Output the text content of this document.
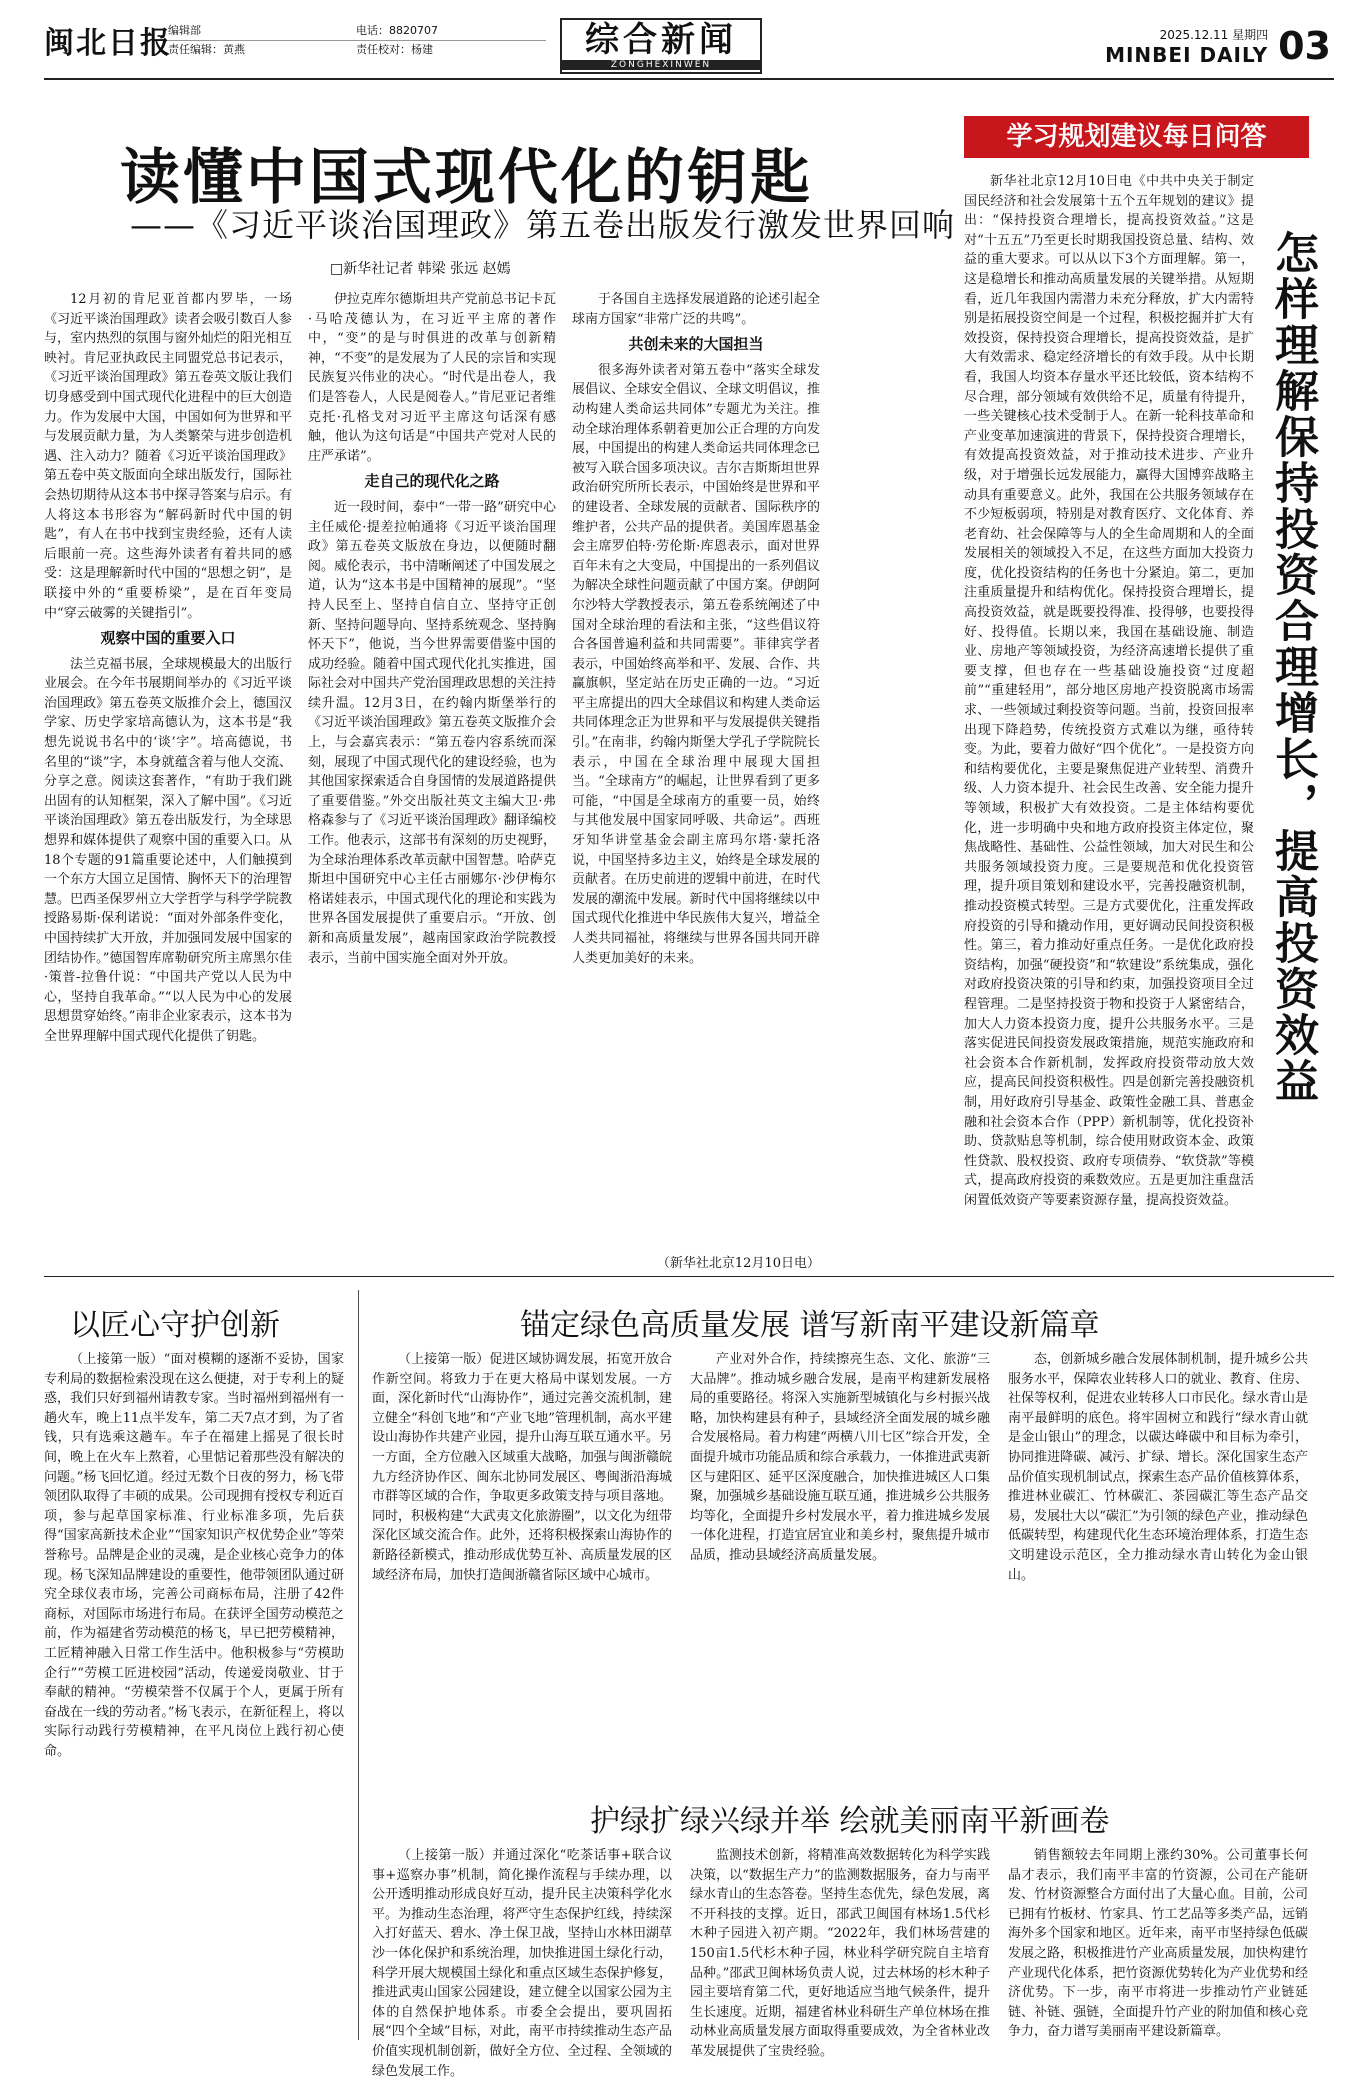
闽北日报
编辑部
责任编辑：黄燕
电话：8820707
责任校对：杨建	综合新闻
ZONGHEXINWEN
2025.12.11 星期四
MINBEI DAILY 03
读懂中国式现代化的钥匙
——《习近平谈治国理政》第五卷出版发行激发世界回响
□新华社记者 韩梁 张远 赵嫣

12月初的肯尼亚首都内罗毕，一场《习近平谈治国理政》读者会吸引数百人参与，室内热烈的氛围与窗外灿烂的阳光相互映衬。肯尼亚执政民主同盟党总书记表示，《习近平谈治国理政》第五卷英文版让我们切身感受到中国式现代化进程中的巨大创造力。作为发展中大国，中国如何为世界和平与发展贡献力量，为人类繁荣与进步创造机遇、注入动力？随着《习近平谈治国理政》第五卷中英文版面向全球出版发行，国际社会热切期待从这本书中探寻答案与启示。有人将这本书形容为“解码新时代中国的钥匙”，有人在书中找到宝贵经验，还有人读后眼前一亮。这些海外读者有着共同的感受：这是理解新时代中国的“思想之钥”，是联接中外的“重要桥梁”，是在百年变局中“穿云破雾的关键指引”。

观察中国的重要入口

法兰克福书展，全球规模最大的出版行业展会。在今年书展期间举办的《习近平谈治国理政》第五卷英文版推介会上，德国汉学家、历史学家培高德认为，这本书是“我想先说说书名中的‘谈’字”。培高德说，书名里的“谈”字，本身就蕴含着与他人交流、分享之意。阅读这套著作，“有助于我们跳出固有的认知框架，深入了解中国”。《习近平谈治国理政》第五卷出版发行，为全球思想界和媒体提供了观察中国的重要入口。从18个专题的91篇重要论述中，人们触摸到一个东方大国立足国情、胸怀天下的治理智慧。巴西圣保罗州立大学哲学与科学学院教授路易斯·保利诺说：“面对外部条件变化，中国持续扩大开放，并加强同发展中国家的团结协作。”德国智库席勒研究所主席黑尔佳·策普-拉鲁什说：“中国共产党以人民为中心，坚持自我革命。”“以人民为中心的发展思想贯穿始终。”南非企业家表示，这本书为全世界理解中国式现代化提供了钥匙。

伊拉克库尔德斯坦共产党前总书记卡瓦·马哈茂德认为，在习近平主席的著作中，“变”的是与时俱进的改革与创新精神，“不变”的是发展为了人民的宗旨和实现民族复兴伟业的决心。“时代是出卷人，我们是答卷人，人民是阅卷人。”肯尼亚记者维克托·孔格戈对习近平主席这句话深有感触，他认为这句话是“中国共产党对人民的庄严承诺”。

走自己的现代化之路

近一段时间，泰中“一带一路”研究中心主任威伦·提差拉帕通将《习近平谈治国理政》第五卷英文版放在身边，以便随时翻阅。威伦表示，书中清晰阐述了中国发展之道，认为“这本书是中国精神的展现”。“坚持人民至上、坚持自信自立、坚持守正创新、坚持问题导向、坚持系统观念、坚持胸怀天下”，他说，当今世界需要借鉴中国的成功经验。随着中国式现代化扎实推进，国际社会对中国共产党治国理政思想的关注持续升温。12月3日，在约翰内斯堡举行的《习近平谈治国理政》第五卷英文版推介会上，与会嘉宾表示：“第五卷内容系统而深刻，展现了中国式现代化的建设经验，也为其他国家探索适合自身国情的发展道路提供了重要借鉴。”外交出版社英文主编大卫·弗格森参与了《习近平谈治国理政》翻译编校工作。他表示，这部书有深刻的历史视野，为全球治理体系改革贡献中国智慧。哈萨克斯坦中国研究中心主任古丽娜尔·沙伊梅尔格诺娃表示，中国式现代化的理论和实践为世界各国发展提供了重要启示。“开放、创新和高质量发展”，越南国家政治学院教授表示，当前中国实施全面对外开放。

于各国自主选择发展道路的论述引起全球南方国家“非常广泛的共鸣”。

共创未来的大国担当

很多海外读者对第五卷中“落实全球发展倡议、全球安全倡议、全球文明倡议，推动构建人类命运共同体”专题尤为关注。推动全球治理体系朝着更加公正合理的方向发展，中国提出的构建人类命运共同体理念已被写入联合国多项决议。吉尔吉斯斯坦世界政治研究所所长表示，中国始终是世界和平的建设者、全球发展的贡献者、国际秩序的维护者，公共产品的提供者。美国库恩基金会主席罗伯特·劳伦斯·库恩表示，面对世界百年未有之大变局，中国提出的一系列倡议为解决全球性问题贡献了中国方案。伊朗阿尔沙特大学教授表示，第五卷系统阐述了中国对全球治理的看法和主张，“这些倡议符合各国普遍利益和共同需要”。菲律宾学者表示，中国始终高举和平、发展、合作、共赢旗帜，坚定站在历史正确的一边。“习近平主席提出的四大全球倡议和构建人类命运共同体理念正为世界和平与发展提供关键指引。”在南非，约翰内斯堡大学孔子学院院长表示，中国在全球治理中展现大国担当。“全球南方”的崛起，让世界看到了更多可能，“中国是全球南方的重要一员，始终与其他发展中国家同呼吸、共命运”。西班牙知华讲堂基金会副主席玛尔塔·蒙托洛说，中国坚持多边主义，始终是全球发展的贡献者。在历史前进的逻辑中前进，在时代发展的潮流中发展。新时代中国将继续以中国式现代化推进中华民族伟大复兴，增益全人类共同福祉，将继续与世界各国共同开辟人类更加美好的未来。

（新华社北京12月10日电）
学习规划建议每日问答

新华社北京12月10日电《中共中央关于制定国民经济和社会发展第十五个五年规划的建议》提出：“保持投资合理增长，提高投资效益。”这是对“十五五”乃至更长时期我国投资总量、结构、效益的重大要求。可以从以下3个方面理解。第一，这是稳增长和推动高质量发展的关键举措。从短期看，近几年我国内需潜力未充分释放，扩大内需特别是拓展投资空间是一个过程，积极挖掘并扩大有效投资，保持投资合理增长，提高投资效益，是扩大有效需求、稳定经济增长的有效手段。从中长期看，我国人均资本存量水平还比较低，资本结构不尽合理，部分领域有效供给不足，质量有待提升，一些关键核心技术受制于人。在新一轮科技革命和产业变革加速演进的背景下，保持投资合理增长，有效提高投资效益，对于推动技术进步、产业升级，对于增强长远发展能力，赢得大国博弈战略主动具有重要意义。此外，我国在公共服务领域存在不少短板弱项，特别是对教育医疗、文化体育、养老育幼、社会保障等与人的全生命周期和人的全面发展相关的领域投入不足，在这些方面加大投资力度，优化投资结构的任务也十分紧迫。第二，更加注重质量提升和结构优化。保持投资合理增长，提高投资效益，就是既要投得准、投得够，也要投得好、投得值。长期以来，我国在基础设施、制造业、房地产等领域投资，为经济高速增长提供了重要支撑，但也存在一些基础设施投资“过度超前”“重建轻用”，部分地区房地产投资脱离市场需求、一些领域过剩投资等问题。当前，投资回报率出现下降趋势，传统投资方式难以为继，亟待转变。为此，要着力做好“四个优化”。一是投资方向和结构要优化，主要是聚焦促进产业转型、消费升级、人力资本提升、社会民生改善、安全能力提升等领域，积极扩大有效投资。二是主体结构要优化，进一步明确中央和地方政府投资主体定位，聚焦战略性、基础性、公益性领域，加大对民生和公共服务领域投资力度。三是要规范和优化投资管理，提升项目策划和建设水平，完善投融资机制，推动投资模式转型。三是方式要优化，注重发挥政府投资的引导和撬动作用，更好调动民间投资积极性。第三，着力推动好重点任务。一是优化政府投资结构，加强“硬投资”和“软建设”系统集成，强化对政府投资决策的引导和约束，加强投资项目全过程管理。二是坚持投资于物和投资于人紧密结合，加大人力资本投资力度，提升公共服务水平。三是落实促进民间投资发展政策措施，规范实施政府和社会资本合作新机制，发挥政府投资带动放大效应，提高民间投资积极性。四是创新完善投融资机制，用好政府引导基金、政策性金融工具、普惠金融和社会资本合作（PPP）新机制等，优化投资补助、贷款贴息等机制，综合使用财政资本金、政策性贷款、股权投资、政府专项债券、“软贷款”等模式，提高政府投资的乘数效应。五是更加注重盘活闲置低效资产等要素资源存量，提高投资效益。

怎样理解保持投资合理增长，提高投资效益
以匠心守护创新

（上接第一版）“面对模糊的逐渐不妥协，国家专利局的数据检索没现在这么便捷，对于专利上的疑惑，我们只好到福州请教专家。当时福州到福州有一趟火车，晚上11点半发车，第二天7点才到，为了省钱，只有选乘这趟车。车子在福建上摇晃了很长时间，晚上在火车上熬着，心里惦记着那些没有解决的问题。”杨飞回忆道。经过无数个日夜的努力，杨飞带领团队取得了丰硕的成果。公司现拥有授权专利近百项，参与起草国家标准、行业标准多项，先后获得“国家高新技术企业”“国家知识产权优势企业”等荣誉称号。品牌是企业的灵魂，是企业核心竞争力的体现。杨飞深知品牌建设的重要性，他带领团队通过研究全球仪表市场，完善公司商标布局，注册了42件商标，对国际市场进行布局。在获评全国劳动模范之前，作为福建省劳动模范的杨飞，早已把劳模精神，工匠精神融入日常工作生活中。他积极参与“劳模助企行”“劳模工匠进校园”活动，传递爱岗敬业、甘于奉献的精神。“劳模荣誉不仅属于个人，更属于所有奋战在一线的劳动者。”杨飞表示，在新征程上，将以实际行动践行劳模精神，在平凡岗位上践行初心使命。

锚定绿色高质量发展 谱写新南平建设新篇章

（上接第一版）促进区域协调发展，拓宽开放合作新空间。将致力于在更大格局中谋划发展。一方面，深化新时代“山海协作”，通过完善交流机制，建立健全“科创飞地”和“产业飞地”管理机制，高水平建设山海协作共建产业园，提升山海互联互通水平。另一方面，全方位融入区域重大战略，加强与闽浙赣皖九方经济协作区、闽东北协同发展区、粤闽浙沿海城市群等区域的合作，争取更多政策支持与项目落地。同时，积极构建“大武夷文化旅游圈”，以文化为纽带深化区域交流合作。此外，还将积极探索山海协作的新路径新模式，推动形成优势互补、高质量发展的区域经济布局，加快打造闽浙赣省际区域中心城市。

产业对外合作，持续擦亮生态、文化、旅游“三大品牌”。推动城乡融合发展，是南平构建新发展格局的重要路径。将深入实施新型城镇化与乡村振兴战略，加快构建县有种子，县域经济全面发展的城乡融合发展格局。着力构建“两横八川七区”综合开发，全面提升城市功能品质和综合承载力，一体推进武夷新区与建阳区、延平区深度融合，加快推进城区人口集聚，加强城乡基础设施互联互通，推进城乡公共服务均等化，全面提升乡村发展水平，着力推进城乡发展一体化进程，打造宜居宜业和美乡村，聚焦提升城市品质，推动县域经济高质量发展。

态，创新城乡融合发展体制机制，提升城乡公共服务水平，保障农业转移人口的就业、教育、住房、社保等权利，促进农业转移人口市民化。绿水青山是南平最鲜明的底色。将牢固树立和践行“绿水青山就是金山银山”的理念，以碳达峰碳中和目标为牵引，协同推进降碳、减污、扩绿、增长。深化国家生态产品价值实现机制试点，探索生态产品价值核算体系，推进林业碳汇、竹林碳汇、茶园碳汇等生态产品交易，发展壮大以“碳汇”为引领的绿色产业，推动绿色低碳转型，构建现代化生态环境治理体系，打造生态文明建设示范区，全力推动绿水青山转化为金山银山。

护绿扩绿兴绿并举 绘就美丽南平新画卷

（上接第一版）并通过深化“吃茶话事+联合议事+巡察办事”机制，简化操作流程与手续办理，以公开透明推动形成良好互动，提升民主决策科学化水平。为推动生态治理，将严守生态保护红线，持续深入打好蓝天、碧水、净土保卫战，坚持山水林田湖草沙一体化保护和系统治理，加快推进国土绿化行动，科学开展大规模国土绿化和重点区域生态保护修复，推进武夷山国家公园建设，建立健全以国家公园为主体的自然保护地体系。市委全会提出，要巩固拓展“四个全域”目标，对此，南平市持续推动生态产品价值实现机制创新，做好全方位、全过程、全领域的绿色发展工作。

监测技术创新，将精准高效数据转化为科学实践决策，以“数据生产力”的监测数据服务，奋力与南平绿水青山的生态答卷。坚持生态优先，绿色发展，离不开科技的支撑。近日，邵武卫闽国有林场1.5代杉木种子园进入初产期。“2022年，我们林场营建的150亩1.5代杉木种子园，林业科学研究院自主培育品种。”邵武卫闽林场负责人说，过去林场的杉木种子园主要培育第二代，更好地适应当地气候条件，提升生长速度。近期，福建省林业科研生产单位林场在推动林业高质量发展方面取得重要成效，为全省林业改革发展提供了宝贵经验。

销售额较去年同期上涨约30%。公司董事长何晶才表示，我们南平丰富的竹资源，公司在产能研发、竹材资源整合方面付出了大量心血。目前，公司已拥有竹板材、竹家具、竹工艺品等多类产品，远销海外多个国家和地区。近年来，南平市坚持绿色低碳发展之路，积极推进竹产业高质量发展，加快构建竹产业现代化体系，把竹资源优势转化为产业优势和经济优势。下一步，南平市将进一步推动竹产业链延链、补链、强链，全面提升竹产业的附加值和核心竞争力，奋力谱写美丽南平建设新篇章。
